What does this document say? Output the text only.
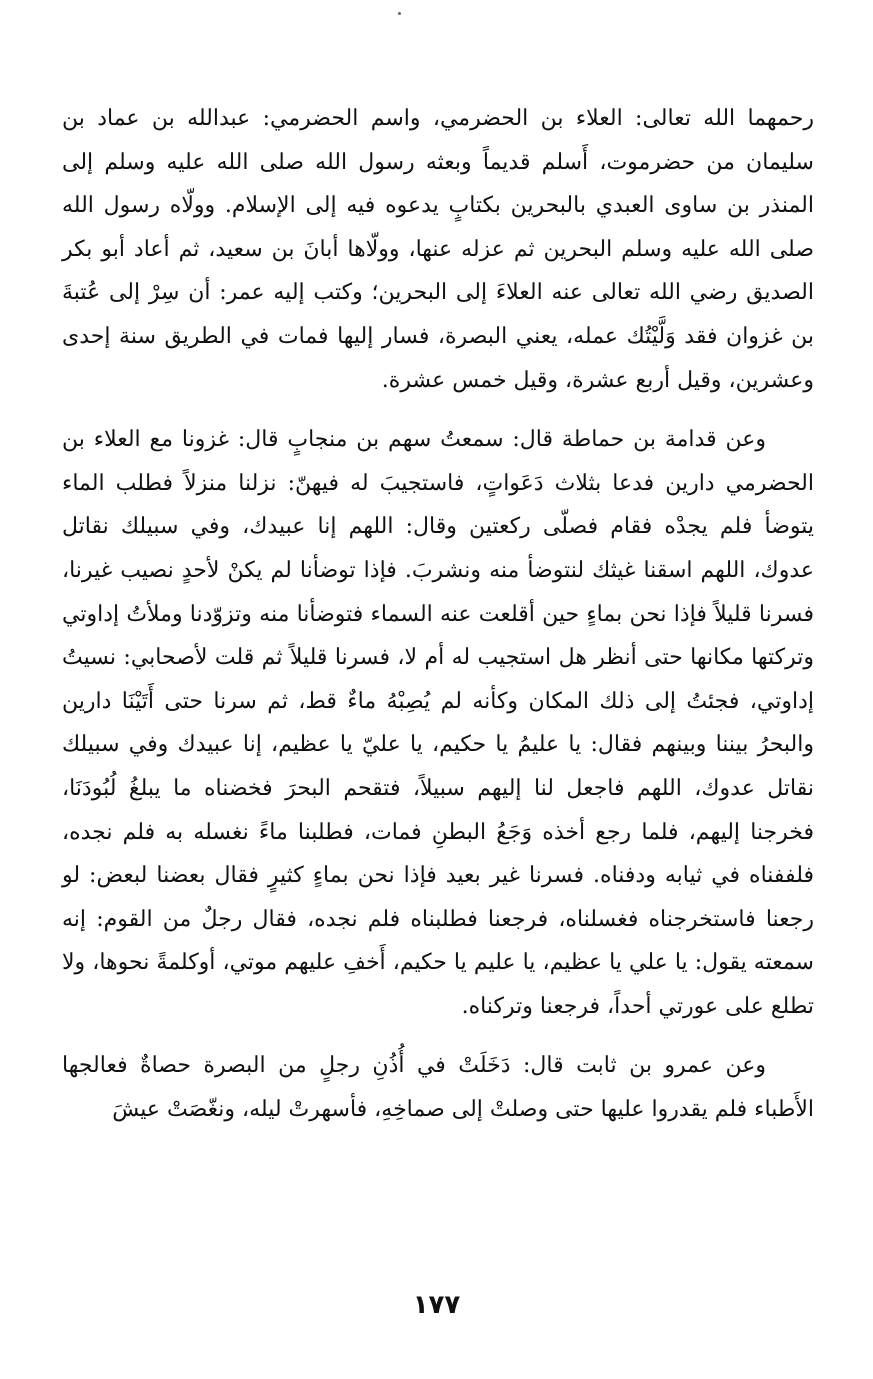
رحمهما الله تعالى: العلاء بن الحضرمي، واسم الحضرمي: عبدالله بن عماد بن سليمان من حضرموت، أَسلم قديماً وبعثه رسول الله صلى الله عليه وسلم إلى المنذر بن ساوى العبدي بالبحرين بكتابٍ يدعوه فيه إلى الإسلام. وولّاه رسول الله صلى الله عليه وسلم البحرين ثم عزله عنها، وولّاها أبانَ بن سعيد، ثم أعاد أبو بكر الصديق رضي الله تعالى عنه العلاءَ إلى البحرين؛ وكتب إليه عمر: أن سِرْ إلى عُتبةَ بن غزوان فقد وَلَّيْتُك عمله، يعني البصرة، فسار إليها فمات في الطريق سنة إحدى وعشرين، وقيل أربع عشرة، وقيل خمس عشرة.

وعن قدامة بن حماطة قال: سمعتُ سهم بن منجابٍ قال: غزونا مع العلاء بن الحضرمي دارين فدعا بثلاث دَعَواتٍ، فاستجيبَ له فيهنّ: نزلنا منزلاً فطلب الماء يتوضأ فلم يجدْه فقام فصلّى ركعتين وقال: اللهم إنا عبيدك، وفي سبيلك نقاتل عدوك، اللهم اسقنا غيثك لنتوضأ منه ونشربَ. فإذا توضأنا لم يكنْ لأحدٍ نصيب غيرنا، فسرنا قليلاً فإذا نحن بماءٍ حين أقلعت عنه السماء فتوضأنا منه وتزوّدنا وملأتُ إداوتي وتركتها مكانها حتى أنظر هل استجيب له أم لا، فسرنا قليلاً ثم قلت لأصحابي: نسيتُ إداوتي، فجئتُ إلى ذلك المكان وكأنه لم يُصِبْهُ ماءٌ قط، ثم سرنا حتى أَتَيْنَا دارين والبحرُ بيننا وبينهم فقال: يا عليمُ يا حكيم، يا عليّ يا عظيم، إنا عبيدك وفي سبيلك نقاتل عدوك، اللهم فاجعل لنا إليهم سبيلاً، فتقحم البحرَ فخضناه ما يبلغُ لُبُودَنَا، فخرجنا إليهم، فلما رجع أخذه وَجَعُ البطنِ فمات، فطلبنا ماءً نغسله به فلم نجده، فلففناه في ثيابه ودفناه. فسرنا غير بعيد فإذا نحن بماءٍ كثيرٍ فقال بعضنا لبعض: لو رجعنا فاستخرجناه فغسلناه، فرجعنا فطلبناه فلم نجده، فقال رجلٌ من القوم: إنه سمعته يقول: يا علي يا عظيم، يا عليم يا حكيم، أَخفِ عليهم موتي، أوكلمةً نحوها، ولا تطلع على عورتي أحداً، فرجعنا وتركناه.

وعن عمرو بن ثابت قال: دَخَلَتْ في أُذُنِ رجلٍ من البصرة حصاةٌ فعالجها الأَطباء فلم يقدروا عليها حتى وصلتْ إلى صماخِهِ، فأسهرتْ ليله، ونغّصَتْ عيشَ

١٧٧
